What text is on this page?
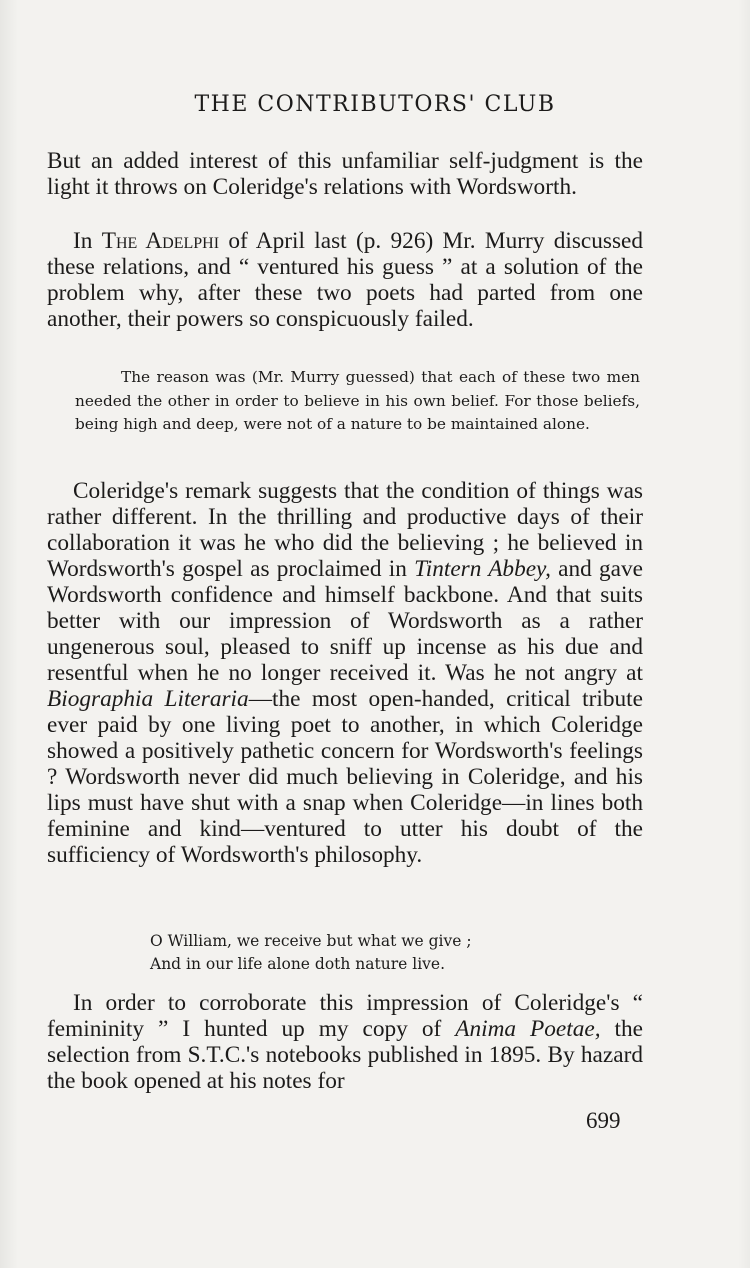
THE CONTRIBUTORS' CLUB

But an added interest of this unfamiliar self-judgment is the light it throws on Coleridge's relations with Wordsworth.

In The Adelphi of April last (p. 926) Mr. Murry discussed these relations, and “ ventured his guess ” at a solution of the problem why, after these two poets had parted from one another, their powers so conspicuously failed.

Coleridge's remark suggests that the condition of things was rather different. In the thrilling and productive days of their collaboration it was he who did the believing ; he believed in Wordsworth's gospel as proclaimed in Tintern Abbey, and gave Wordsworth confidence and himself backbone. And that suits better with our impression of Wordsworth as a rather ungenerous soul, pleased to sniff up incense as his due and resentful when he no longer received it. Was he not angry at Biographia Literaria—the most open-handed, critical tribute ever paid by one living poet to another, in which Coleridge showed a positively pathetic concern for Wordsworth's feelings ? Wordsworth never did much believing in Coleridge, and his lips must have shut with a snap when Coleridge—in lines both feminine and kind—ventured to utter his doubt of the sufficiency of Wordsworth's philosophy.

In order to corroborate this impression of Coleridge's “ femininity ” I hunted up my copy of Anima Poetae, the selection from S.T.C.'s notebooks published in 1895. By hazard the book opened at his notes for

The reason was (Mr. Murry guessed) that each of these two men needed the other in order to believe in his own belief. For those beliefs, being high and deep, were not of a nature to be maintained alone.

O William, we receive but what we give ;
And in our life alone doth nature live.
699
